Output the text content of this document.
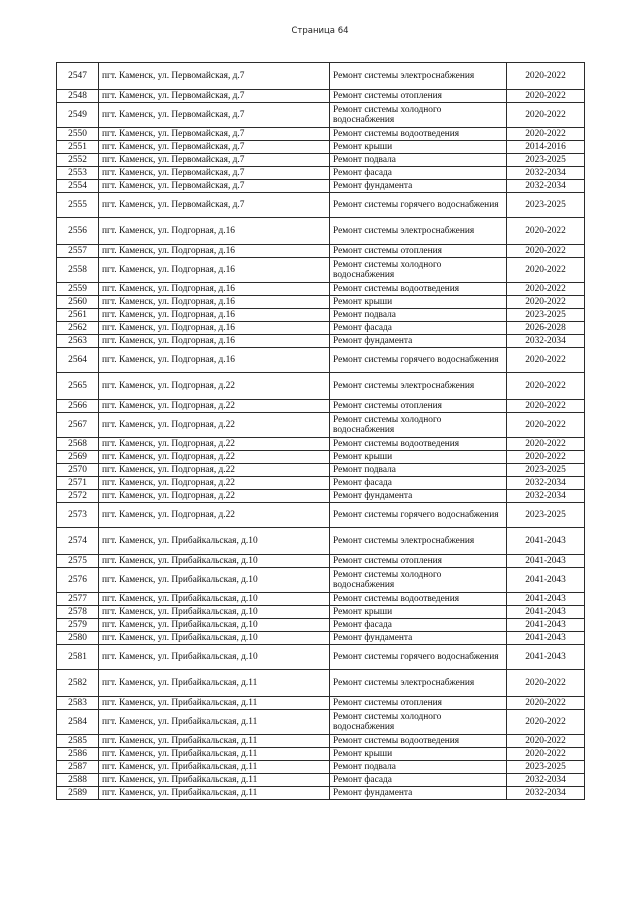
Страница 64
2547	пгт. Каменск, ул. Первомайская, д.7	Ремонт системы электроснабжения	2020-2022
2548	пгт. Каменск, ул. Первомайская, д.7	Ремонт системы отопления	2020-2022
2549	пгт. Каменск, ул. Первомайская, д.7	Ремонт системы холодного водоснабжения	2020-2022
2550	пгт. Каменск, ул. Первомайская, д.7	Ремонт системы водоотведения	2020-2022
2551	пгт. Каменск, ул. Первомайская, д.7	Ремонт крыши	2014-2016
2552	пгт. Каменск, ул. Первомайская, д.7	Ремонт подвала	2023-2025
2553	пгт. Каменск, ул. Первомайская, д.7	Ремонт фасада	2032-2034
2554	пгт. Каменск, ул. Первомайская, д.7	Ремонт фундамента	2032-2034
2555	пгт. Каменск, ул. Первомайская, д.7	Ремонт системы горячего водоснабжения	2023-2025
2556	пгт. Каменск, ул. Подгорная, д.16	Ремонт системы электроснабжения	2020-2022
2557	пгт. Каменск, ул. Подгорная, д.16	Ремонт системы отопления	2020-2022
2558	пгт. Каменск, ул. Подгорная, д.16	Ремонт системы холодного водоснабжения	2020-2022
2559	пгт. Каменск, ул. Подгорная, д.16	Ремонт системы водоотведения	2020-2022
2560	пгт. Каменск, ул. Подгорная, д.16	Ремонт крыши	2020-2022
2561	пгт. Каменск, ул. Подгорная, д.16	Ремонт подвала	2023-2025
2562	пгт. Каменск, ул. Подгорная, д.16	Ремонт фасада	2026-2028
2563	пгт. Каменск, ул. Подгорная, д.16	Ремонт фундамента	2032-2034
2564	пгт. Каменск, ул. Подгорная, д.16	Ремонт системы горячего водоснабжения	2020-2022
2565	пгт. Каменск, ул. Подгорная, д.22	Ремонт системы электроснабжения	2020-2022
2566	пгт. Каменск, ул. Подгорная, д.22	Ремонт системы отопления	2020-2022
2567	пгт. Каменск, ул. Подгорная, д.22	Ремонт системы холодного водоснабжения	2020-2022
2568	пгт. Каменск, ул. Подгорная, д.22	Ремонт системы водоотведения	2020-2022
2569	пгт. Каменск, ул. Подгорная, д.22	Ремонт крыши	2020-2022
2570	пгт. Каменск, ул. Подгорная, д.22	Ремонт подвала	2023-2025
2571	пгт. Каменск, ул. Подгорная, д.22	Ремонт фасада	2032-2034
2572	пгт. Каменск, ул. Подгорная, д.22	Ремонт фундамента	2032-2034
2573	пгт. Каменск, ул. Подгорная, д.22	Ремонт системы горячего водоснабжения	2023-2025
2574	пгт. Каменск, ул. Прибайкальская, д.10	Ремонт системы электроснабжения	2041-2043
2575	пгт. Каменск, ул. Прибайкальская, д.10	Ремонт системы отопления	2041-2043
2576	пгт. Каменск, ул. Прибайкальская, д.10	Ремонт системы холодного водоснабжения	2041-2043
2577	пгт. Каменск, ул. Прибайкальская, д.10	Ремонт системы водоотведения	2041-2043
2578	пгт. Каменск, ул. Прибайкальская, д.10	Ремонт крыши	2041-2043
2579	пгт. Каменск, ул. Прибайкальская, д.10	Ремонт фасада	2041-2043
2580	пгт. Каменск, ул. Прибайкальская, д.10	Ремонт фундамента	2041-2043
2581	пгт. Каменск, ул. Прибайкальская, д.10	Ремонт системы горячего водоснабжения	2041-2043
2582	пгт. Каменск, ул. Прибайкальская, д.11	Ремонт системы электроснабжения	2020-2022
2583	пгт. Каменск, ул. Прибайкальская, д.11	Ремонт системы отопления	2020-2022
2584	пгт. Каменск, ул. Прибайкальская, д.11	Ремонт системы холодного водоснабжения	2020-2022
2585	пгт. Каменск, ул. Прибайкальская, д.11	Ремонт системы водоотведения	2020-2022
2586	пгт. Каменск, ул. Прибайкальская, д.11	Ремонт крыши	2020-2022
2587	пгт. Каменск, ул. Прибайкальская, д.11	Ремонт подвала	2023-2025
2588	пгт. Каменск, ул. Прибайкальская, д.11	Ремонт фасада	2032-2034
2589	пгт. Каменск, ул. Прибайкальская, д.11	Ремонт фундамента	2032-2034
